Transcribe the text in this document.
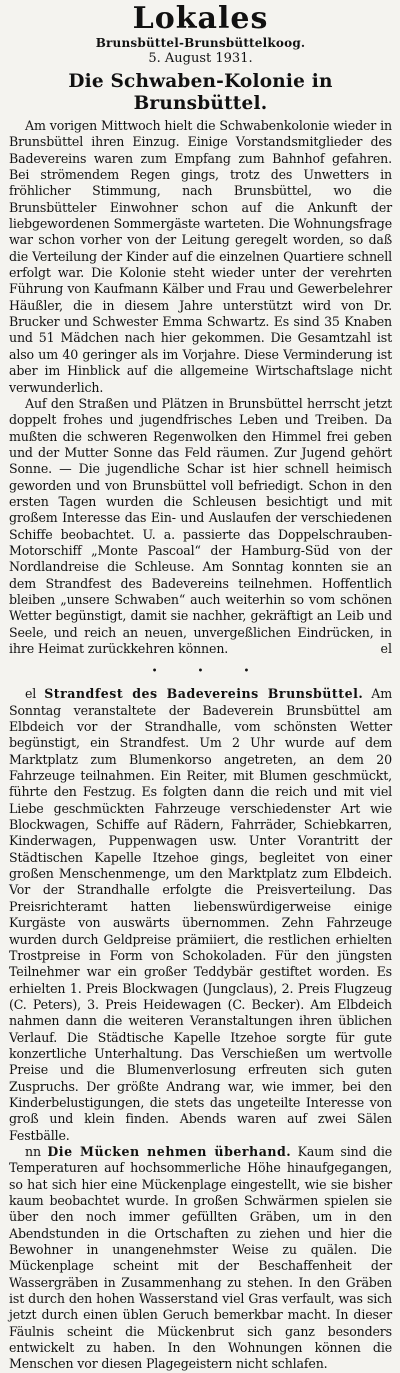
Lokales
Brunsbüttel-Brunsbüttelkoog.
5. August 1931.
Die Schwaben-Kolonie in Brunsbüttel.

Am vorigen Mittwoch hielt die Schwabenkolonie wieder in Brunsbüttel ihren Einzug. Einige Vorstandsmitglieder des Badevereins waren zum Empfang zum Bahnhof gefahren. Bei strömendem Regen gings, trotz des Unwetters in fröhlicher Stimmung, nach Brunsbüttel, wo die Brunsbütteler Einwohner schon auf die Ankunft der liebgewordenen Sommergäste warteten. Die Wohnungsfrage war schon vorher von der Leitung geregelt worden, so daß die Verteilung der Kinder auf die einzelnen Quartiere schnell erfolgt war. Die Kolonie steht wieder unter der verehrten Führung von Kaufmann Kälber und Frau und Gewerbelehrer Häußler, die in diesem Jahre unterstützt wird von Dr. Brucker und Schwester Emma Schwartz. Es sind 35 Knaben und 51 Mädchen nach hier gekommen. Die Gesamtzahl ist also um 40 geringer als im Vorjahre. Diese Verminderung ist aber im Hinblick auf die allgemeine Wirtschaftslage nicht verwunderlich.

Auf den Straßen und Plätzen in Brunsbüttel herrscht jetzt doppelt frohes und jugendfrisches Leben und Treiben. Da mußten die schweren Regenwolken den Himmel frei geben und der Mutter Sonne das Feld räumen. Zur Jugend gehört Sonne. — Die jugendliche Schar ist hier schnell heimisch geworden und von Brunsbüttel voll befriedigt. Schon in den ersten Tagen wurden die Schleusen besichtigt und mit großem Interesse das Ein- und Auslaufen der verschiedenen Schiffe beobachtet. U. a. passierte das Doppelschrauben-Motorschiff „Monte Pascoal“ der Hamburg-Süd von der Nordlandreise die Schleuse. Am Sonntag konnten sie an dem Strandfest des Badevereins teilnehmen. Hoffentlich bleiben „unsere Schwaben“ auch weiterhin so vom schönen Wetter begünstigt, damit sie nachher, gekräftigt an Leib und Seele, und reich an neuen, unvergeßlichen Eindrücken, in ihre Heimat zurückkehren können.	el
•	•	•

el Strandfest des Badevereins Brunsbüttel. Am Sonntag veranstaltete der Badeverein Brunsbüttel am Elbdeich vor der Strandhalle, vom schönsten Wetter begünstigt, ein Strandfest. Um 2 Uhr wurde auf dem Marktplatz zum Blumenkorso angetreten, an dem 20 Fahrzeuge teilnahmen. Ein Reiter, mit Blumen geschmückt, führte den Festzug. Es folgten dann die reich und mit viel Liebe geschmückten Fahrzeuge verschiedenster Art wie Blockwagen, Schiffe auf Rädern, Fahrräder, Schiebkarren, Kinderwagen, Puppenwagen usw. Unter Vorantritt der Städtischen Kapelle Itzehoe gings, begleitet von einer großen Menschenmenge, um den Marktplatz zum Elbdeich. Vor der Strandhalle erfolgte die Preisverteilung. Das Preisrichteramt hatten liebenswürdigerweise einige Kurgäste von auswärts übernommen. Zehn Fahrzeuge wurden durch Geldpreise prämiiert, die restlichen erhielten Trostpreise in Form von Schokoladen. Für den jüngsten Teilnehmer war ein großer Teddybär gestiftet worden. Es erhielten 1. Preis Blockwagen (Jungclaus), 2. Preis Flugzeug (C. Peters), 3. Preis Heidewagen (C. Becker). Am Elbdeich nahmen dann die weiteren Veranstaltungen ihren üblichen Verlauf. Die Städtische Kapelle Itzehoe sorgte für gute konzertliche Unterhaltung. Das Verschießen um wertvolle Preise und die Blumenverlosung erfreuten sich guten Zuspruchs. Der größte Andrang war, wie immer, bei den Kinderbelustigungen, die stets das ungeteilte Interesse von groß und klein finden. Abends waren auf zwei Sälen Festbälle.

nn Die Mücken nehmen überhand. Kaum sind die Temperaturen auf hochsommerliche Höhe hinaufgegangen, so hat sich hier eine Mückenplage eingestellt, wie sie bisher kaum beobachtet wurde. In großen Schwärmen spielen sie über den noch immer gefüllten Gräben, um in den Abendstunden in die Ortschaften zu ziehen und hier die Bewohner in unangenehmster Weise zu quälen. Die Mückenplage scheint mit der Beschaffenheit der Wassergräben in Zusammenhang zu stehen. In den Gräben ist durch den hohen Wasserstand viel Gras verfault, was sich jetzt durch einen üblen Geruch bemerkbar macht. In dieser Fäulnis scheint die Mückenbrut sich ganz besonders entwickelt zu haben. In den Wohnungen können die Menschen vor diesen Plagegeistern nicht schlafen.
